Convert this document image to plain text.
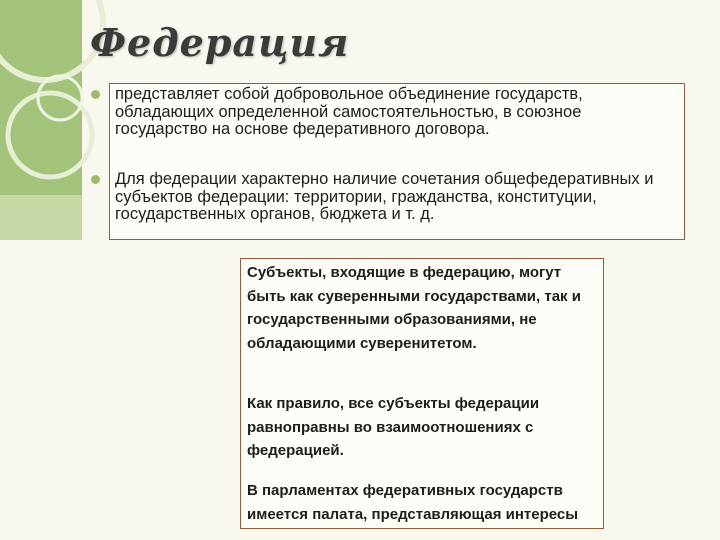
Федерация
представляет собой добровольное объединение государств, обладающих определенной самостоятельностью, в союзное государство на основе федеративного договора.
Для федерации характерно наличие сочетания общефедеративных и субъектов федерации: территории, гражданства, конституции, государственных органов, бюджета и т. д.

Субъекты, входящие в федерацию, могут быть как суверенными государствами, так и государственными образованиями, не обладающими суверенитетом.

Как правило, все субъекты федерации равноправны во взаимоотношениях с федерацией.

В парламентах федеративных государств имеется палата, представляющая интересы
